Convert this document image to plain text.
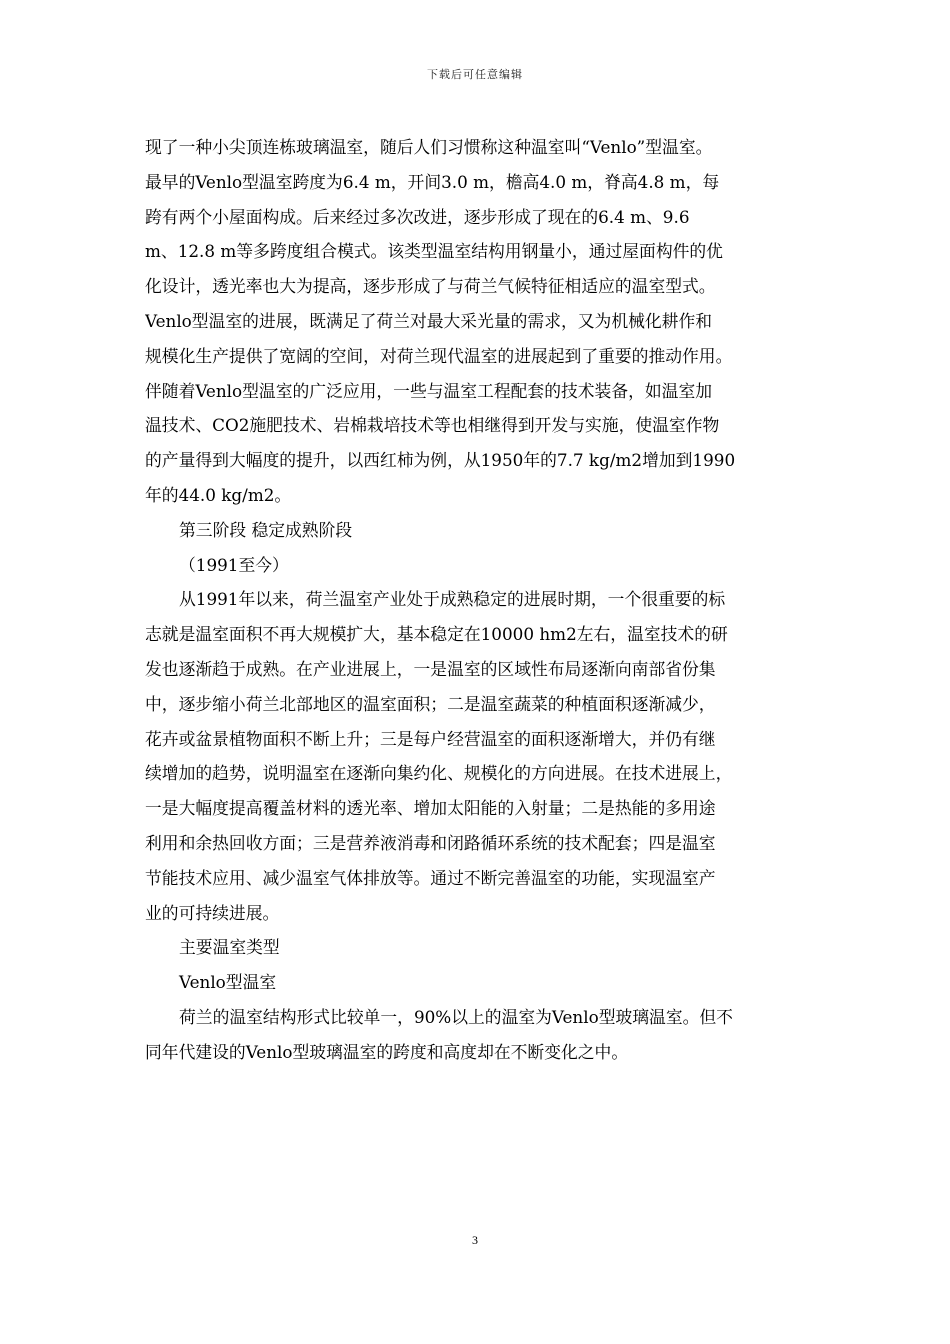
下载后可任意编辑
现了一种小尖顶连栋玻璃温室，随后人们习惯称这种温室叫“Venlo”型温室。
最早的Venlo型温室跨度为6.4 m，开间3.0 m，檐高4.0 m，脊高4.8 m，每
跨有两个小屋面构成。后来经过多次改进，逐步形成了现在的6.4 m、9.6
m、12.8 m等多跨度组合模式。该类型温室结构用钢量小，通过屋面构件的优
化设计，透光率也大为提高，逐步形成了与荷兰气候特征相适应的温室型式。
Venlo型温室的进展，既满足了荷兰对最大采光量的需求，又为机械化耕作和
规模化生产提供了宽阔的空间，对荷兰现代温室的进展起到了重要的推动作用。
伴随着Venlo型温室的广泛应用，一些与温室工程配套的技术装备，如温室加
温技术、CO2施肥技术、岩棉栽培技术等也相继得到开发与实施，使温室作物
的产量得到大幅度的提升，以西红柿为例，从1950年的7.7 kg/m2增加到1990
年的44.0 kg/m2。
第三阶段 稳定成熟阶段
（1991至今）
从1991年以来，荷兰温室产业处于成熟稳定的进展时期，一个很重要的标
志就是温室面积不再大规模扩大，基本稳定在10000 hm2左右，温室技术的研
发也逐渐趋于成熟。在产业进展上，一是温室的区域性布局逐渐向南部省份集
中，逐步缩小荷兰北部地区的温室面积；二是温室蔬菜的种植面积逐渐减少，
花卉或盆景植物面积不断上升；三是每户经营温室的面积逐渐增大，并仍有继
续增加的趋势，说明温室在逐渐向集约化、规模化的方向进展。在技术进展上，
一是大幅度提高覆盖材料的透光率、增加太阳能的入射量；二是热能的多用途
利用和余热回收方面；三是营养液消毒和闭路循环系统的技术配套；四是温室
节能技术应用、减少温室气体排放等。通过不断完善温室的功能，实现温室产
业的可持续进展。
主要温室类型
Venlo型温室
荷兰的温室结构形式比较单一，90%以上的温室为Venlo型玻璃温室。但不
同年代建设的Venlo型玻璃温室的跨度和高度却在不断变化之中。
3
